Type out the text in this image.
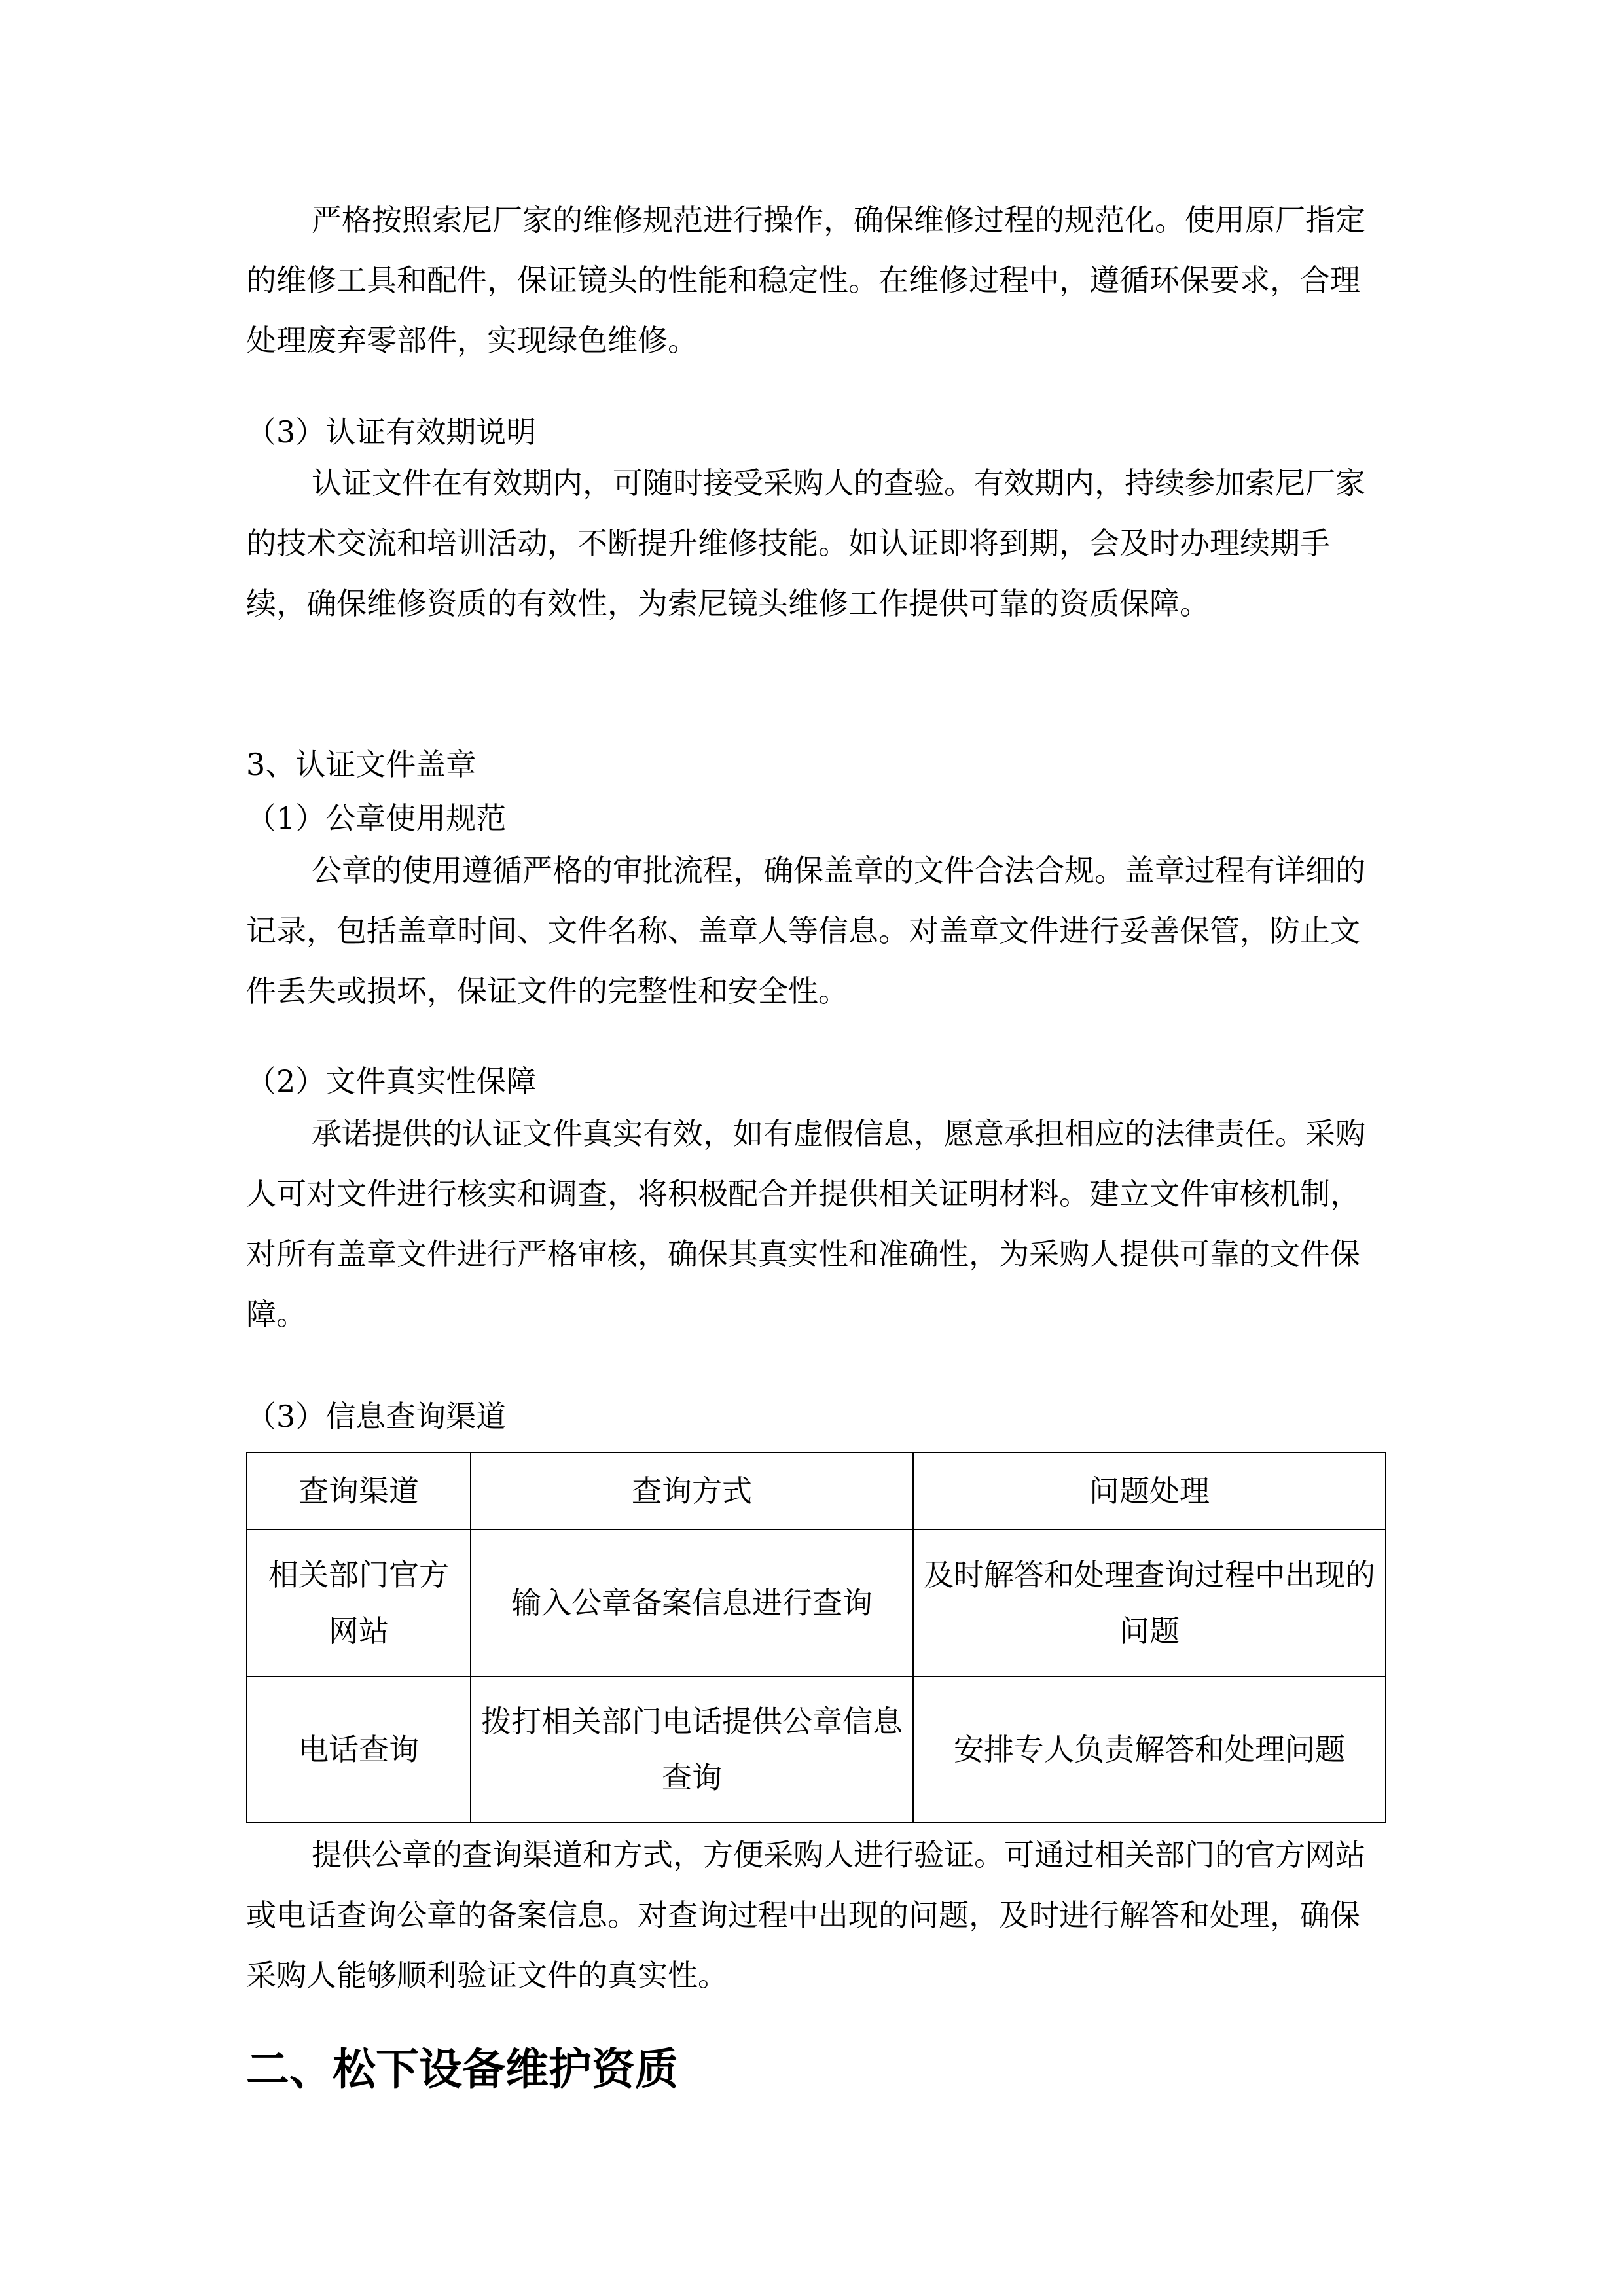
严格按照索尼厂家的维修规范进行操作，确保维修过程的规范化。使用原厂指定的维修工具和配件，保证镜头的性能和稳定性。在维修过程中，遵循环保要求，合理处理废弃零部件，实现绿色维修。

（3）认证有效期说明

认证文件在有效期内，可随时接受采购人的查验。有效期内，持续参加索尼厂家的技术交流和培训活动，不断提升维修技能。如认证即将到期，会及时办理续期手续，确保维修资质的有效性，为索尼镜头维修工作提供可靠的资质保障。

3、认证文件盖章

（1）公章使用规范

公章的使用遵循严格的审批流程，确保盖章的文件合法合规。盖章过程有详细的记录，包括盖章时间、文件名称、盖章人等信息。对盖章文件进行妥善保管，防止文件丢失或损坏，保证文件的完整性和安全性。

（2）文件真实性保障

承诺提供的认证文件真实有效，如有虚假信息，愿意承担相应的法律责任。采购人可对文件进行核实和调查，将积极配合并提供相关证明材料。建立文件审核机制，对所有盖章文件进行严格审核，确保其真实性和准确性，为采购人提供可靠的文件保障。

（3）信息查询渠道

查询渠道	查询方式	问题处理
相关部门官方网站	输入公章备案信息进行查询	及时解答和处理查询过程中出现的问题
电话查询	拨打相关部门电话提供公章信息查询	安排专人负责解答和处理问题

提供公章的查询渠道和方式，方便采购人进行验证。可通过相关部门的官方网站或电话查询公章的备案信息。对查询过程中出现的问题，及时进行解答和处理，确保采购人能够顺利验证文件的真实性。

二、松下设备维护资质
